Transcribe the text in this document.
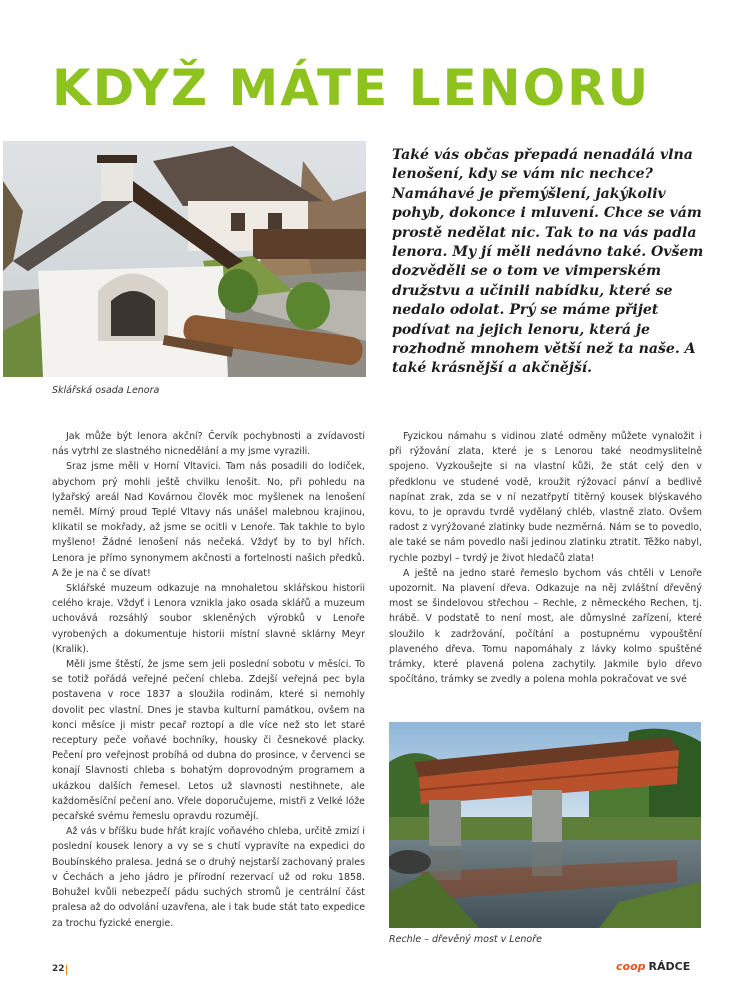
KDYŽ MÁTE LENORU
Sklářská osada Lenora

Také vás občas přepadá nenadálá vlna lenošení, kdy se vám nic nechce? Namáhavé je přemýšlení, jakýkoliv pohyb, dokonce i mluvení. Chce se vám prostě nedělat nic. Tak to na vás padla lenora. My jí měli nedávno také. Ovšem dozvěděli se o tom ve vimperském družstvu a učinili nabídku, které se nedalo odolat. Prý se máme přijet podívat na jejich lenoru, která je rozhodně mnohem větší než ta naše. A také krásnější a akčnější.

Jak může být lenora akční? Červík pochybnosti a zvídavosti nás vytrhl ze slastného nicnedělání a my jsme vyrazili.

Sraz jsme měli v Horní Vltavici. Tam nás posadili do lodiček, abychom prý mohli ještě chvilku lenošit. No, při pohledu na lyžařský areál Nad Kovárnou člověk moc myšlenek na lenošení neměl. Mírný proud Teplé Vltavy nás unášel malebnou krajinou, klikatil se mokřady, až jsme se ocitli v Lenoře. Tak takhle to bylo myšleno! Žádné lenošení nás nečeká. Vždyť by to byl hřích. Lenora je přímo synonymem akčnosti a fortelnosti našich předků. A že je na č se dívat!

Sklářské muzeum odkazuje na mnohaletou sklářskou historii celého kraje. Vždyť i Lenora vznikla jako osada sklářů a muzeum uchovává rozsáhlý soubor skleněných výrobků v Lenoře vyrobených a dokumentuje historii místní slavné sklárny Meyr (Kralik).

Měli jsme štěstí, že jsme sem jeli poslední sobotu v měsíci. To se totiž pořádá veřejné pečení chleba. Zdejší veřejná pec byla postavena v roce 1837 a sloužila rodinám, které si nemohly dovolit pec vlastní. Dnes je stavba kulturní památkou, ovšem na konci měsíce ji mistr pecař roztopí a dle více než sto let staré receptury peče voňavé bochníky, housky či česnekové placky. Pečení pro veřejnost probíhá od dubna do prosince, v červenci se konají Slavnosti chleba s bohatým doprovodným programem a ukázkou dalších řemesel. Letos už slavnosti nestihnete, ale každoměsíční pečení ano. Vřele doporučujeme, mistři z Velké lóže pecařské svému řemeslu opravdu rozumějí.

Až vás v bříšku bude hřát krajíc voňavého chleba, určitě zmizí i poslední kousek lenory a vy se s chutí vypravíte na expedici do Boubínského pralesa. Jedná se o druhý nejstarší zachovaný prales v Čechách a jeho jádro je přírodní rezervací už od roku 1858. Bohužel kvůli nebezpečí pádu suchých stromů je centrální část pralesa až do odvolání uzavřena, ale i tak bude stát tato expedice za trochu fyzické energie.

Fyzickou námahu s vidinou zlaté odměny můžete vynaložit i při rýžování zlata, které je s Lenorou také neodmyslitelně spojeno. Vyzkoušejte si na vlastní kůži, že stát celý den v předklonu ve studené vodě, kroužit rýžovací pánví a bedlivě napínat zrak, zda se v ní nezatřpytí titěrný kousek blýskavého kovu, to je opravdu tvrdě vydělaný chléb, vlastně zlato. Ovšem radost z vyrýžované zlatinky bude nezměrná. Nám se to povedlo, ale také se nám povedlo naši jedinou zlatinku ztratit. Těžko nabyl, rychle pozbyl – tvrdý je život hledačů zlata!

A ještě na jedno staré řemeslo bychom vás chtěli v Lenoře upozornit. Na plavení dřeva. Odkazuje na něj zvláštní dřevěný most se šindelovou střechou – Rechle, z německého Rechen, tj. hrábě. V podstatě to není most, ale důmyslné zařízení, které sloužilo k zadržování, počítání a postupnému vypouštění plaveného dřeva. Tomu napomáhaly z lávky kolmo spuštěné trámky, které plavená polena zachytily. Jakmile bylo dřevo spočítáno, trámky se zvedly a polena mohla pokračovat ve své

Rechle – dřevěný most v Lenoře
22	coop RÁDCE
